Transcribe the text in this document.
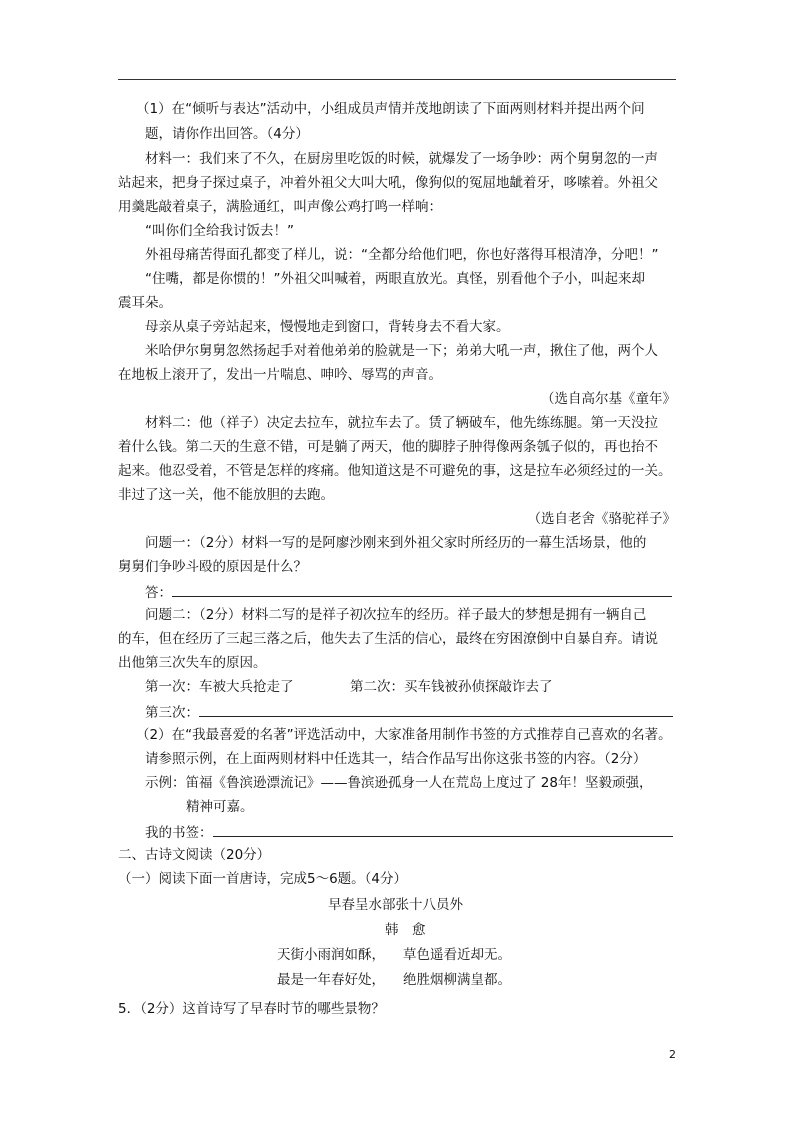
（1）在“倾听与表达”活动中，小组成员声情并茂地朗读了下面两则材料并提出两个问
题，请你作出回答。（4分）
材料一：我们来了不久，在厨房里吃饭的时候，就爆发了一场争吵：两个舅舅忽的一声
站起来，把身子探过桌子，冲着外祖父大叫大吼，像狗似的冤屈地龇着牙，哆嗦着。外祖父
用羹匙敲着桌子，满脸通红，叫声像公鸡打鸣一样响：
“叫你们全给我讨饭去！”
外祖母痛苦得面孔都变了样儿，说：“全都分给他们吧，你也好落得耳根清净，分吧！”
“住嘴，都是你惯的！”外祖父叫喊着，两眼直放光。真怪，别看他个子小，叫起来却
震耳朵。
母亲从桌子旁站起来，慢慢地走到窗口，背转身去不看大家。
米哈伊尔舅舅忽然扬起手对着他弟弟的脸就是一下；弟弟大吼一声，揪住了他，两个人
在地板上滚开了，发出一片喘息、呻吟、辱骂的声音。
（选自高尔基《童年》
材料二：他（祥子）决定去拉车，就拉车去了。赁了辆破车，他先练练腿。第一天没拉
着什么钱。第二天的生意不错，可是躺了两天，他的脚脖子肿得像两条瓠子似的，再也抬不
起来。他忍受着，不管是怎样的疼痛。他知道这是不可避免的事，这是拉车必须经过的一关。
非过了这一关，他不能放胆的去跑。
（选自老舍《骆驼祥子》
问题一：（2分）材料一写的是阿廖沙刚来到外祖父家时所经历的一幕生活场景，他的
舅舅们争吵斗殴的原因是什么？
答：
问题二：（2分）材料二写的是祥子初次拉车的经历。祥子最大的梦想是拥有一辆自己
的车，但在经历了三起三落之后，他失去了生活的信心，最终在穷困潦倒中自暴自弃。请说
出他第三次失车的原因。
第一次：车被大兵抢走了	第二次：买车钱被孙侦探敲诈去了
第三次：
（2）在“我最喜爱的名著”评选活动中，大家准备用制作书签的方式推荐自己喜欢的名著。
请参照示例，在上面两则材料中任选其一，结合作品写出你这张书签的内容。（2分）
示例：笛福《鲁滨逊漂流记》——鲁滨逊孤身一人在荒岛上度过了 28年！坚毅顽强，
精神可嘉。
我的书签：
二、古诗文阅读（20分）
（一）阅读下面一首唐诗，完成5～6题。（4分）
早春呈水部张十八员外
韩　愈
天街小雨润如酥， 草色遥看近却无。
最是一年春好处， 绝胜烟柳满皇都。
5．（2分）这首诗写了早春时节的哪些景物？
2
